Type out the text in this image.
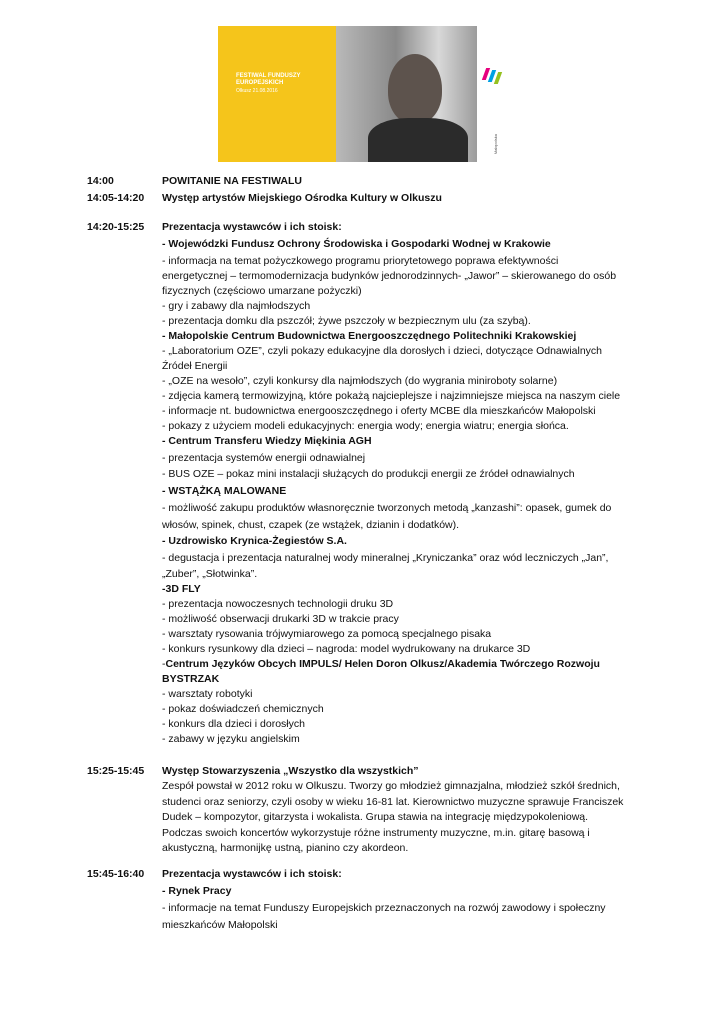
FESTIWAL FUNDUSZY
EUROPEJSKICH
Olkusz 21.08.2016
Małopolska
14:00	POWITANIE NA FESTIWALU
14:05-14:20 Występ artystów Miejskiego Ośrodka Kultury w Olkuszu
14:20-15:25 Prezentacja wystawców i ich stoisk:
- Wojewódzki Fundusz Ochrony Środowiska i Gospodarki Wodnej w Krakowie
- informacja na temat pożyczkowego programu priorytetowego poprawa efektywności
energetycznej – termomodernizacja budynków jednorodzinnych- „Jawor” – skierowanego do osób
fizycznych (częściowo umarzane pożyczki)
- gry i zabawy dla najmłodszych
- prezentacja domku dla pszczół; żywe pszczoły w bezpiecznym ulu (za szybą).
- Małopolskie Centrum Budownictwa Energooszczędnego Politechniki Krakowskiej
- „Laboratorium OZE”, czyli pokazy edukacyjne dla dorosłych i dzieci, dotyczące Odnawialnych
Źródeł Energii
- „OZE na wesoło”, czyli konkursy dla najmłodszych (do wygrania miniroboty solarne)
- zdjęcia kamerą termowizyjną, które pokażą najcieplejsze i najzimniejsze miejsca na naszym ciele
- informacje nt. budownictwa energooszczędnego i oferty MCBE dla mieszkańców Małopolski
- pokazy z użyciem modeli edukacyjnych: energia wody; energia wiatru; energia słońca.
- Centrum Transferu Wiedzy Miękinia AGH
- prezentacja systemów energii odnawialnej
- BUS OZE – pokaz mini instalacji służących do produkcji energii ze źródeł odnawialnych
- WSTĄŻKĄ MALOWANE
- możliwość zakupu produktów własnoręcznie tworzonych metodą „kanzashi”: opasek, gumek do
włosów, spinek, chust, czapek (ze wstążek, dzianin i dodatków).
- Uzdrowisko Krynica-Żegiestów S.A.
- degustacja i prezentacja naturalnej wody mineralnej „Kryniczanka” oraz wód leczniczych „Jan”,
„Zuber”, „Słotwinka”.
-3D FLY
- prezentacja nowoczesnych technologii druku 3D
- możliwość obserwacji drukarki 3D w trakcie pracy
- warsztaty rysowania trójwymiarowego za pomocą specjalnego pisaka
- konkurs rysunkowy dla dzieci – nagroda: model wydrukowany na drukarce 3D
-Centrum Języków Obcych IMPULS/ Helen Doron Olkusz/Akademia Twórczego Rozwoju
BYSTRZAK
- warsztaty robotyki
- pokaz doświadczeń chemicznych
- konkurs dla dzieci i dorosłych
- zabawy w języku angielskim
15:25-15:45 Występ Stowarzyszenia „Wszystko dla wszystkich”
Zespół powstał w 2012 roku w Olkuszu. Tworzy go młodzież gimnazjalna, młodzież szkół średnich,
studenci oraz seniorzy, czyli osoby w wieku 16-81 lat. Kierownictwo muzyczne sprawuje Franciszek
Dudek – kompozytor, gitarzysta i wokalista. Grupa stawia na integrację międzypokoleniową.
Podczas swoich koncertów wykorzystuje różne instrumenty muzyczne, m.in. gitarę basową i
akustyczną, harmonijkę ustną, pianino czy akordeon.
15:45-16:40 Prezentacja wystawców i ich stoisk:
- Rynek Pracy
- informacje na temat Funduszy Europejskich przeznaczonych na rozwój zawodowy i społeczny
mieszkańców Małopolski
